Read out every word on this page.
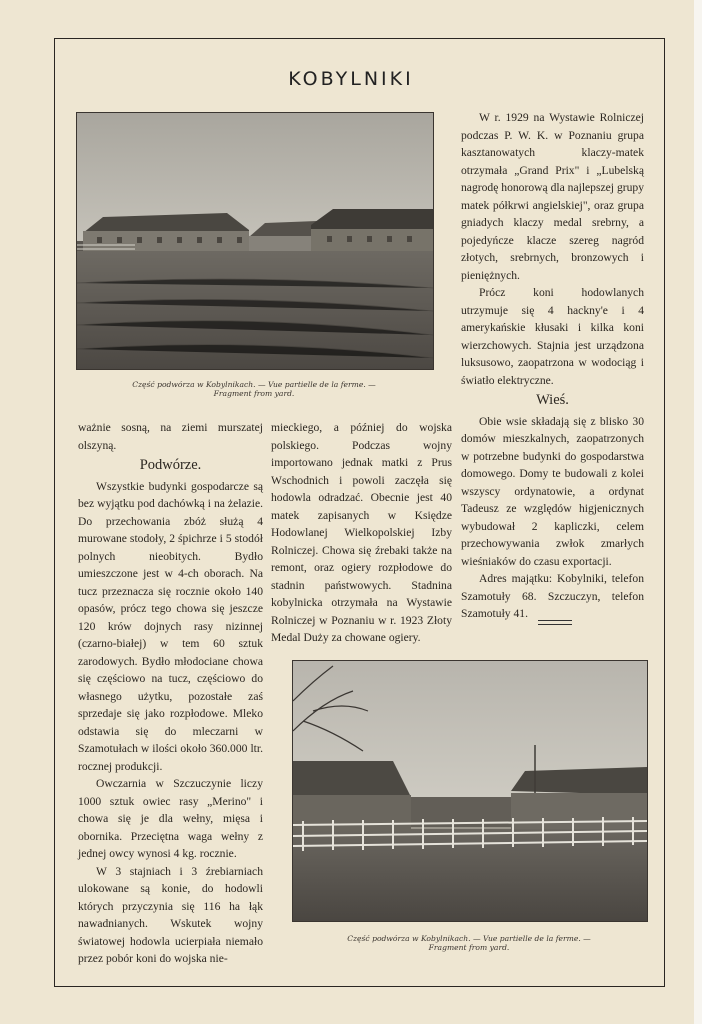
KOBYLNIKI
Część podwórza w Kobylnikach. — Vue partielle de la ferme. —
Fragment from yard.
Część podwórza w Kobylnikach. — Vue partielle de la ferme. —
Fragment from yard.

ważnie sosną, na ziemi murszatej olszyną.

Podwórze.

Wszystkie budynki gospodarcze są bez wyjątku pod dachówką i na żelazie. Do przechowania zbóż służą 4 murowane stodoły, 2 śpichrze i 5 stodół polnych nieobitych. Bydło umieszczone jest w 4-ch oborach. Na tucz przeznacza się rocznie około 140 opasów, prócz tego chowa się jeszcze 120 krów dojnych rasy nizinnej (czarno-białej) w tem 60 sztuk zarodowych. Bydło młodociane chowa się częściowo na tucz, częściowo do własnego użytku, pozostałe zaś sprzedaje się jako rozpłodowe. Mleko odstawia się do mleczarni w Szamotułach w ilości około 360.000 ltr. rocznej produkcji.

Owczarnia w Szczuczynie liczy 1000 sztuk owiec rasy „Merino" i chowa się je dla wełny, mięsa i obornika. Przeciętna waga wełny z jednej owcy wynosi 4 kg. rocznie.

W 3 stajniach i 3 źrebiarniach ulokowane są konie, do hodowli których przyczynia się 116 ha łąk nawadnianych. Wskutek wojny światowej hodowla ucierpiała niemało przez pobór koni do wojska nie-

mieckiego, a później do wojska polskiego. Podczas wojny importowano jednak matki z Prus Wschodnich i powoli zaczęła się hodowla odradzać. Obecnie jest 40 matek zapisanych w Księdze Hodowlanej Wielkopolskiej Izby Rolniczej. Chowa się źrebaki także na remont, oraz ogiery rozpłodowe do stadnin państwowych. Stadnina kobylnicka otrzymała na Wystawie Rolniczej w Poznaniu w r. 1923 Złoty Medal Duży za chowane ogiery.

W r. 1929 na Wystawie Rolniczej podczas P. W. K. w Poznaniu grupa kasztanowatych klaczy-matek otrzymała „Grand Prix" i „Lubelską nagrodę honorową dla najlepszej grupy matek półkrwi angielskiej", oraz grupa gniadych klaczy medal srebrny, a pojedyńcze klacze szereg nagród złotych, srebrnych, bronzowych i pieniężnych.

Prócz koni hodowlanych utrzymuje się 4 hackny'e i 4 amerykańskie kłusaki i kilka koni wierzchowych. Stajnia jest urządzona luksusowo, zaopatrzona w wodociąg i światło elektryczne.

Wieś.

Obie wsie składają się z blisko 30 domów mieszkalnych, zaopatrzonych w potrzebne budynki do gospodarstwa domowego. Domy te budowali z kolei wszyscy ordynatowie, a ordynat Tadeusz ze względów higjenicznych wybudował 2 kapliczki, celem przechowywania zwłok zmarłych wieśniaków do czasu exportacji.

Adres majątku: Kobylniki, telefon Szamotuły 68. Szczuczyn, telefon Szamotuły 41.
